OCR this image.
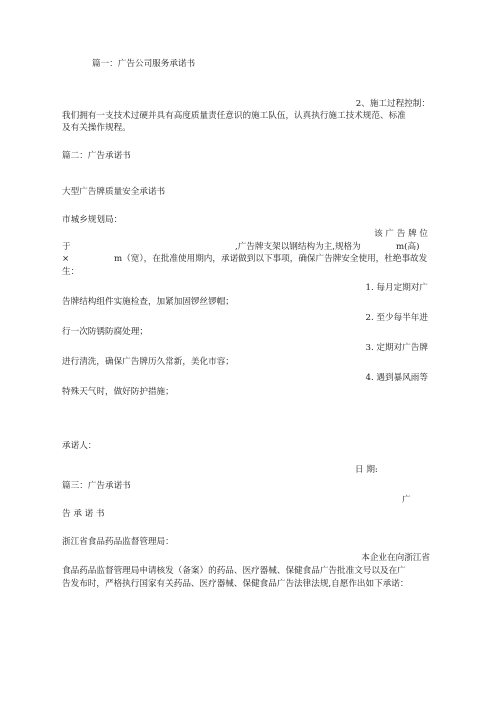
篇一：广告公司服务承诺书
2、施工过程控制：
我们拥有一支技术过硬并具有高度质量责任意识的施工队伍，认真执行施工技术规范、标准
及有关操作规程。
篇二：广告承诺书
大型广告牌质量安全承诺书
市城乡规划局：
该 广 告 牌 位
于	,广告牌支架以钢结构为主,规格为	m(高)
×	m（宽），在批准使用期内，承诺做到以下事项，确保广告牌安全使用，杜绝事故发
生：
1. 每月定期对广
告牌结构组件实施检查，加紧加固锣丝锣帽；
2. 至少每半年进
行一次防锈防腐处理；
3. 定期对广告牌
进行清洗，确保广告牌历久常新，美化市容；
4. 遇到暴风雨等
特殊天气时，做好防护措施；
承诺人：
日 期:
篇三：广告承诺书
广
告 承 诺 书
浙江省食品药品监督管理局：
本企业在向浙江省
食品药品监督管理局申请核发（备案）的药品、医疗器械、保健食品广告批准文号以及在广
告发布时，严格执行国家有关药品、医疗器械、保健食品广告法律法规,自愿作出如下承诺：
